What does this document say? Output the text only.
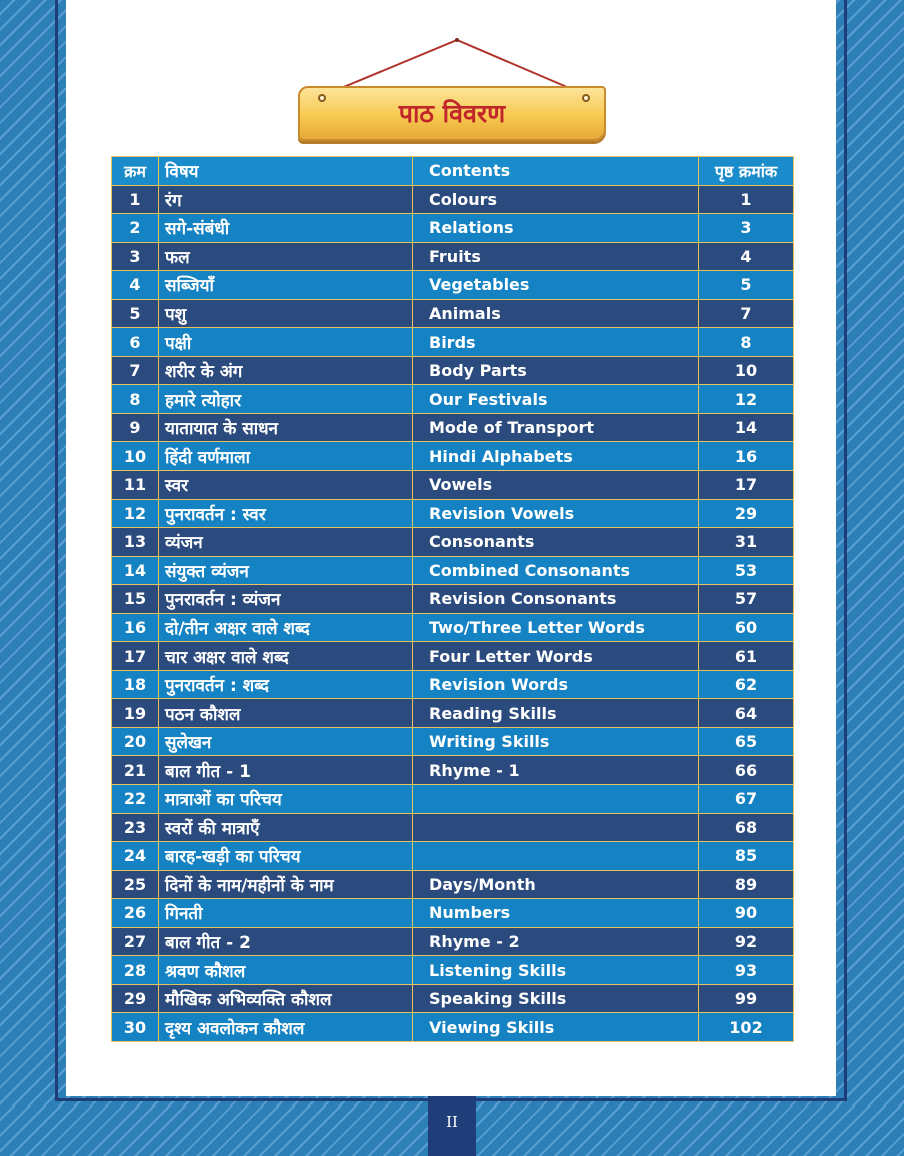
पाठ विवरण
क्रम	विषय	Contents	पृष्ठ क्रमांक
1	रंग	Colours	1
2	सगे-संबंधी	Relations	3
3	फल	Fruits	4
4	सब्जियाँ	Vegetables	5
5	पशु	Animals	7
6	पक्षी	Birds	8
7	शरीर के अंग	Body Parts	10
8	हमारे त्योहार	Our Festivals	12
9	यातायात के साधन	Mode of Transport	14
10	हिंदी वर्णमाला	Hindi Alphabets	16
11	स्वर	Vowels	17
12	पुनरावर्तन : स्वर	Revision Vowels	29
13	व्यंजन	Consonants	31
14	संयुक्त व्यंजन	Combined Consonants	53
15	पुनरावर्तन : व्यंजन	Revision Consonants	57
16	दो/तीन अक्षर वाले शब्द	Two/Three Letter Words	60
17	चार अक्षर वाले शब्द	Four Letter Words	61
18	पुनरावर्तन : शब्द	Revision Words	62
19	पठन कौशल	Reading Skills	64
20	सुलेखन	Writing Skills	65
21	बाल गीत - 1	Rhyme - 1	66
22	मात्राओं का परिचय		67
23	स्वरों की मात्राएँ		68
24	बारह-खड़ी का परिचय		85
25	दिनों के नाम/महीनों के नाम	Days/Month	89
26	गिनती	Numbers	90
27	बाल गीत - 2	Rhyme - 2	92
28	श्रवण कौशल	Listening Skills	93
29	मौखिक अभिव्यक्ति कौशल	Speaking Skills	99
30	दृश्य अवलोकन कौशल	Viewing Skills	102
II
